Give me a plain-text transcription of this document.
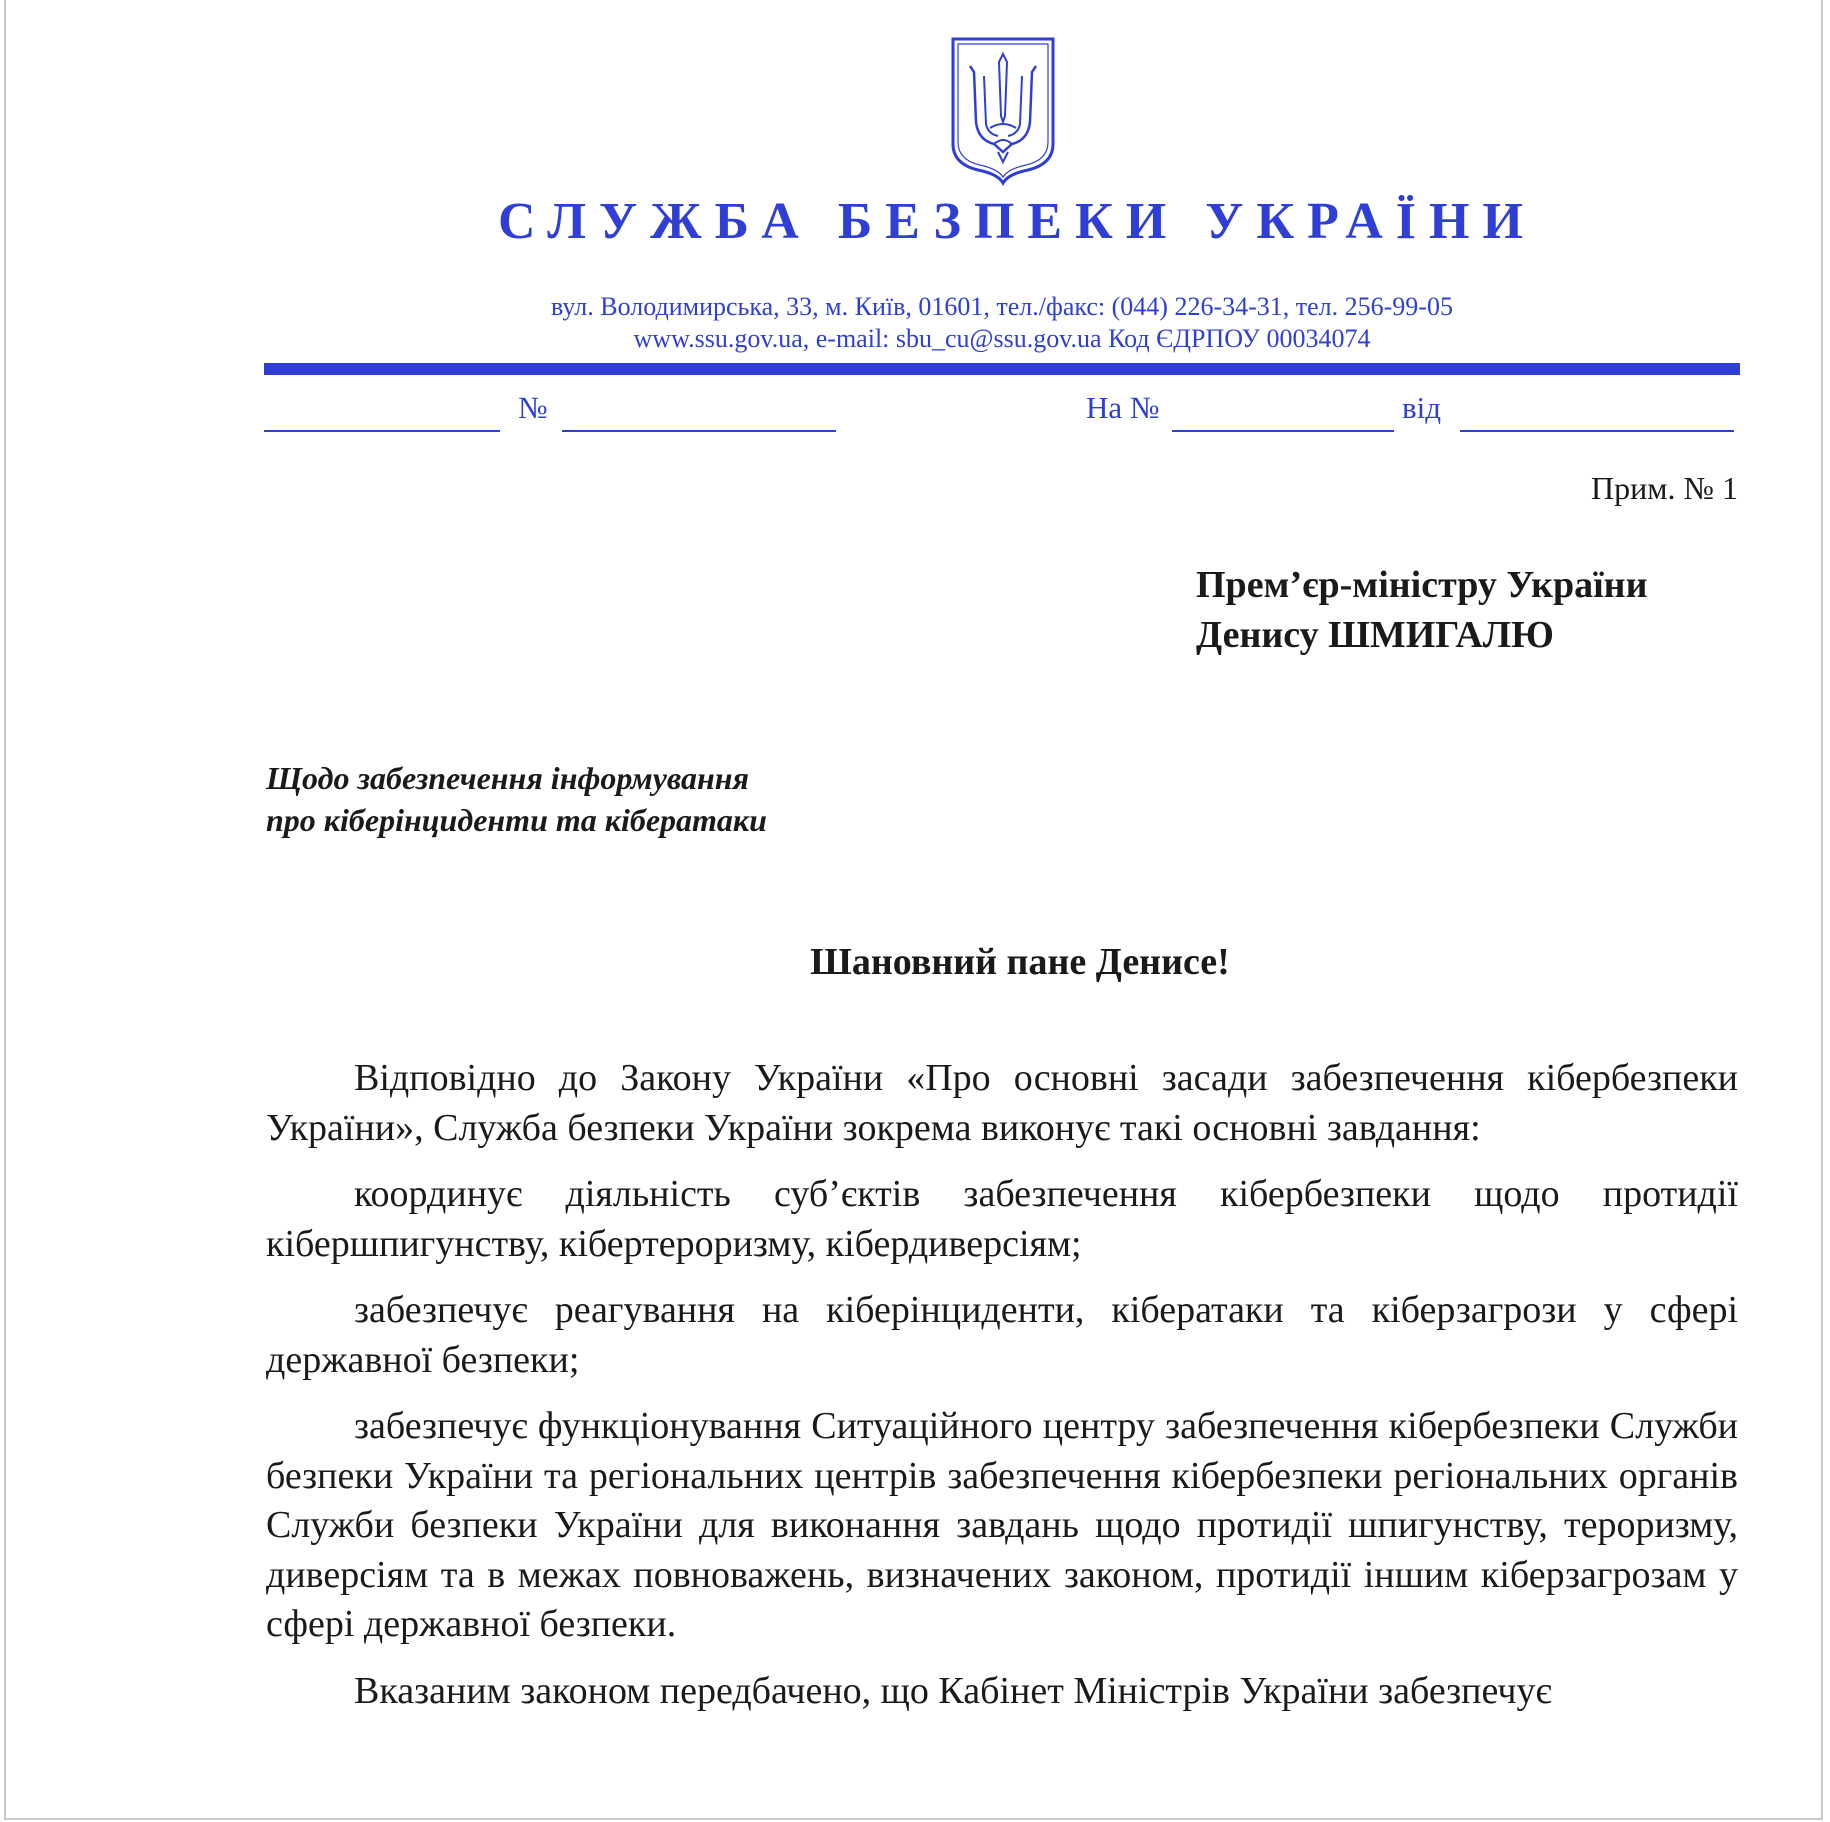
СЛУЖБА БЕЗПЕКИ УКРАЇНИ
вул. Володимирська, 33, м. Київ, 01601, тел./факс: (044) 226-34-31, тел. 256-99-05
www.ssu.gov.ua, e-mail: sbu_cu@ssu.gov.ua Код ЄДРПОУ 00034074
№	На №	від
Прим. № 1
Прем’єр-міністру України
Денису ШМИГАЛЮ
Щодо забезпечення інформування
про кіберінциденти та кібератаки
Шановний пане Денисе!

Відповідно до Закону України «Про основні засади забезпечення кібербезпеки України», Служба безпеки України зокрема виконує такі основні завдання:

координує діяльність суб’єктів забезпечення кібербезпеки щодо протидії кібершпигунству, кібертероризму, кібердиверсіям;

забезпечує реагування на кіберінциденти, кібератаки та кіберзагрози у сфері державної безпеки;

забезпечує функціонування Ситуаційного центру забезпечення кібербезпеки Служби безпеки України та регіональних центрів забезпечення кібербезпеки регіональних органів Служби безпеки України для виконання завдань щодо протидії шпигунству, тероризму, диверсіям та в межах повноважень, визначених законом, протидії іншим кіберзагрозам у сфері державної безпеки.

Вказаним законом передбачено, що Кабінет Міністрів України забезпечує
